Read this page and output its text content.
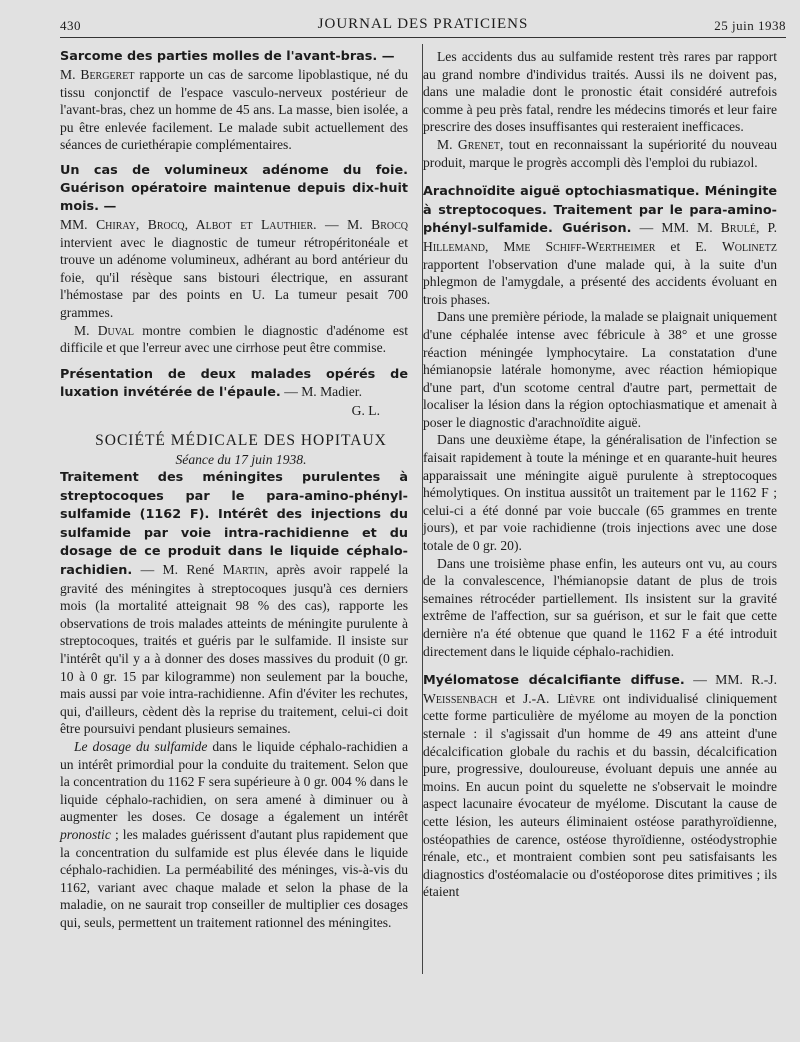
430	JOURNAL DES PRATICIENS	25 juin 1938
Sarcome des parties molles de l'avant-bras. —

M. Bergeret rapporte un cas de sarcome lipoblastique, né du tissu conjonctif de l'espace vasculo-nerveux postérieur de l'avant-bras, chez un homme de 45 ans. La masse, bien isolée, a pu être enlevée facilement. Le malade subit actuellement des séances de curiethérapie complémentaires.

Un cas de volumineux adénome du foie. Guérison opératoire maintenue depuis dix-huit mois. —

MM. Chiray, Brocq, Albot et Lauthier. — M. Brocq intervient avec le diagnostic de tumeur rétropéritonéale et trouve un adénome volumineux, adhérant au bord antérieur du foie, qu'il résèque sans bistouri électrique, en assurant l'hémostase par des points en U. La tumeur pesait 700 grammes.

M. Duval montre combien le diagnostic d'adénome est difficile et que l'erreur avec une cirrhose peut être commise.

Présentation de deux malades opérés de luxation invétérée de l'épaule. — M. Madier.

G. L.

SOCIÉTÉ MÉDICALE DES HOPITAUX

Séance du 17 juin 1938.

Traitement des méningites purulentes à streptocoques par le para-amino-phényl-sulfamide (1162 F). Intérêt des injections du sulfamide par voie intra-rachidienne et du dosage de ce produit dans le liquide céphalo-rachidien. — M. René Martin, après avoir rappelé la gravité des méningites à streptocoques jusqu'à ces derniers mois (la mortalité atteignait 98 % des cas), rapporte les observations de trois malades atteints de méningite purulente à streptocoques, traités et guéris par le sulfamide. Il insiste sur l'intérêt qu'il y a à donner des doses massives du produit (0 gr. 10 à 0 gr. 15 par kilogramme) non seulement par la bouche, mais aussi par voie intra-rachidienne. Afin d'éviter les rechutes, qui, d'ailleurs, cèdent dès la reprise du traitement, celui-ci doit être poursuivi pendant plusieurs semaines.

Le dosage du sulfamide dans le liquide céphalo-rachidien a un intérêt primordial pour la conduite du traitement. Selon que la concentration du 1162 F sera supérieure à 0 gr. 004 % dans le liquide céphalo-rachidien, on sera amené à diminuer ou à augmenter les doses. Ce dosage a également un intérêt pronostic ; les malades guérissent d'autant plus rapidement que la concentration du sulfamide est plus élevée dans le liquide céphalo-rachidien. La perméabilité des méninges, vis-à-vis du 1162, variant avec chaque malade et selon la phase de la maladie, on ne saurait trop conseiller de multiplier ces dosages qui, seuls, permettent un traitement rationnel des méningites.

Les accidents dus au sulfamide restent très rares par rapport au grand nombre d'individus traités. Aussi ils ne doivent pas, dans une maladie dont le pronostic était considéré autrefois comme à peu près fatal, rendre les médecins timorés et leur faire prescrire des doses insuffisantes qui resteraient inefficaces.

M. Grenet, tout en reconnaissant la supériorité du nouveau produit, marque le progrès accompli dès l'emploi du rubiazol.

Arachnoïdite aiguë optochiasmatique. Méningite à streptocoques. Traitement par le para-amino-phényl-sulfamide. Guérison. — MM. M. Brulé, P. Hillemand, Mme Schiff-Wertheimer et E. Wolinetz rapportent l'observation d'une malade qui, à la suite d'un phlegmon de l'amygdale, a présenté des accidents évoluant en trois phases.

Dans une première période, la malade se plaignait uniquement d'une céphalée intense avec fébricule à 38° et une grosse réaction méningée lymphocytaire. La constatation d'une hémianopsie latérale homonyme, avec réaction hémiopique d'une part, d'un scotome central d'autre part, permettait de localiser la lésion dans la région optochiasmatique et amenait à poser le diagnostic d'arachnoïdite aiguë.

Dans une deuxième étape, la généralisation de l'infection se faisait rapidement à toute la méninge et en quarante-huit heures apparaissait une méningite aiguë purulente à streptocoques hémolytiques. On institua aussitôt un traitement par le 1162 F ; celui-ci a été donné par voie buccale (65 grammes en trente jours), et par voie rachidienne (trois injections avec une dose totale de 0 gr. 20).

Dans une troisième phase enfin, les auteurs ont vu, au cours de la convalescence, l'hémianopsie datant de plus de trois semaines rétrocéder partiellement. Ils insistent sur la gravité extrême de l'affection, sur sa guérison, et sur le fait que cette dernière n'a été obtenue que quand le 1162 F a été introduit directement dans le liquide céphalo-rachidien.

Myélomatose décalcifiante diffuse. — MM. R.-J. Weissenbach et J.-A. Lièvre ont individualisé cliniquement cette forme particulière de myélome au moyen de la ponction sternale : il s'agissait d'un homme de 49 ans atteint d'une décalcification globale du rachis et du bassin, décalcification pure, progressive, douloureuse, évoluant depuis une année au moins. En aucun point du squelette ne s'observait le moindre aspect lacunaire évocateur de myélome. Discutant la cause de cette lésion, les auteurs éliminaient ostéose parathyroïdienne, ostéopathies de carence, ostéose thyroïdienne, ostéodystrophie rénale, etc., et montraient combien sont peu satisfaisants les diagnostics d'ostéomalacie ou d'ostéoporose dites primitives ; ils étaient
